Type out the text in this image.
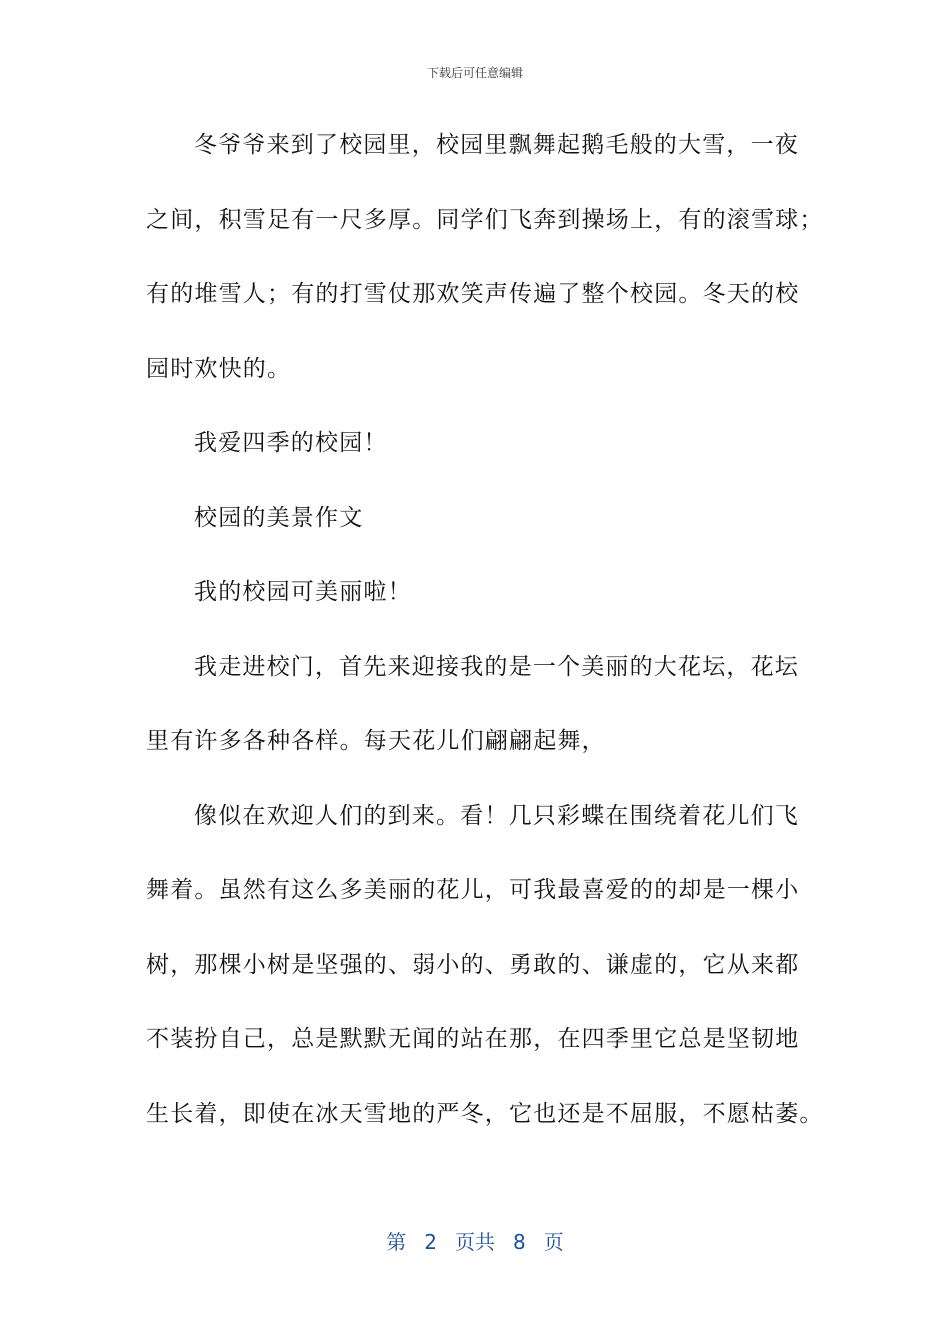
下载后可任意编辑
冬爷爷来到了校园里，校园里飘舞起鹅毛般的大雪，一夜
之间，积雪足有一尺多厚。同学们飞奔到操场上，有的滚雪球；
有的堆雪人；有的打雪仗那欢笑声传遍了整个校园。冬天的校
园时欢快的。
我爱四季的校园！
校园的美景作文
我的校园可美丽啦！
我走进校门，首先来迎接我的是一个美丽的大花坛，花坛
里有许多各种各样。每天花儿们翩翩起舞，
像似在欢迎人们的到来。看！几只彩蝶在围绕着花儿们飞
舞着。虽然有这么多美丽的花儿，可我最喜爱的的却是一棵小
树，那棵小树是坚强的、弱小的、勇敢的、谦虚的，它从来都
不装扮自己，总是默默无闻的站在那，在四季里它总是坚韧地
生长着，即使在冰天雪地的严冬，它也还是不屈服，不愿枯萎。
第 2 页共 8 页
